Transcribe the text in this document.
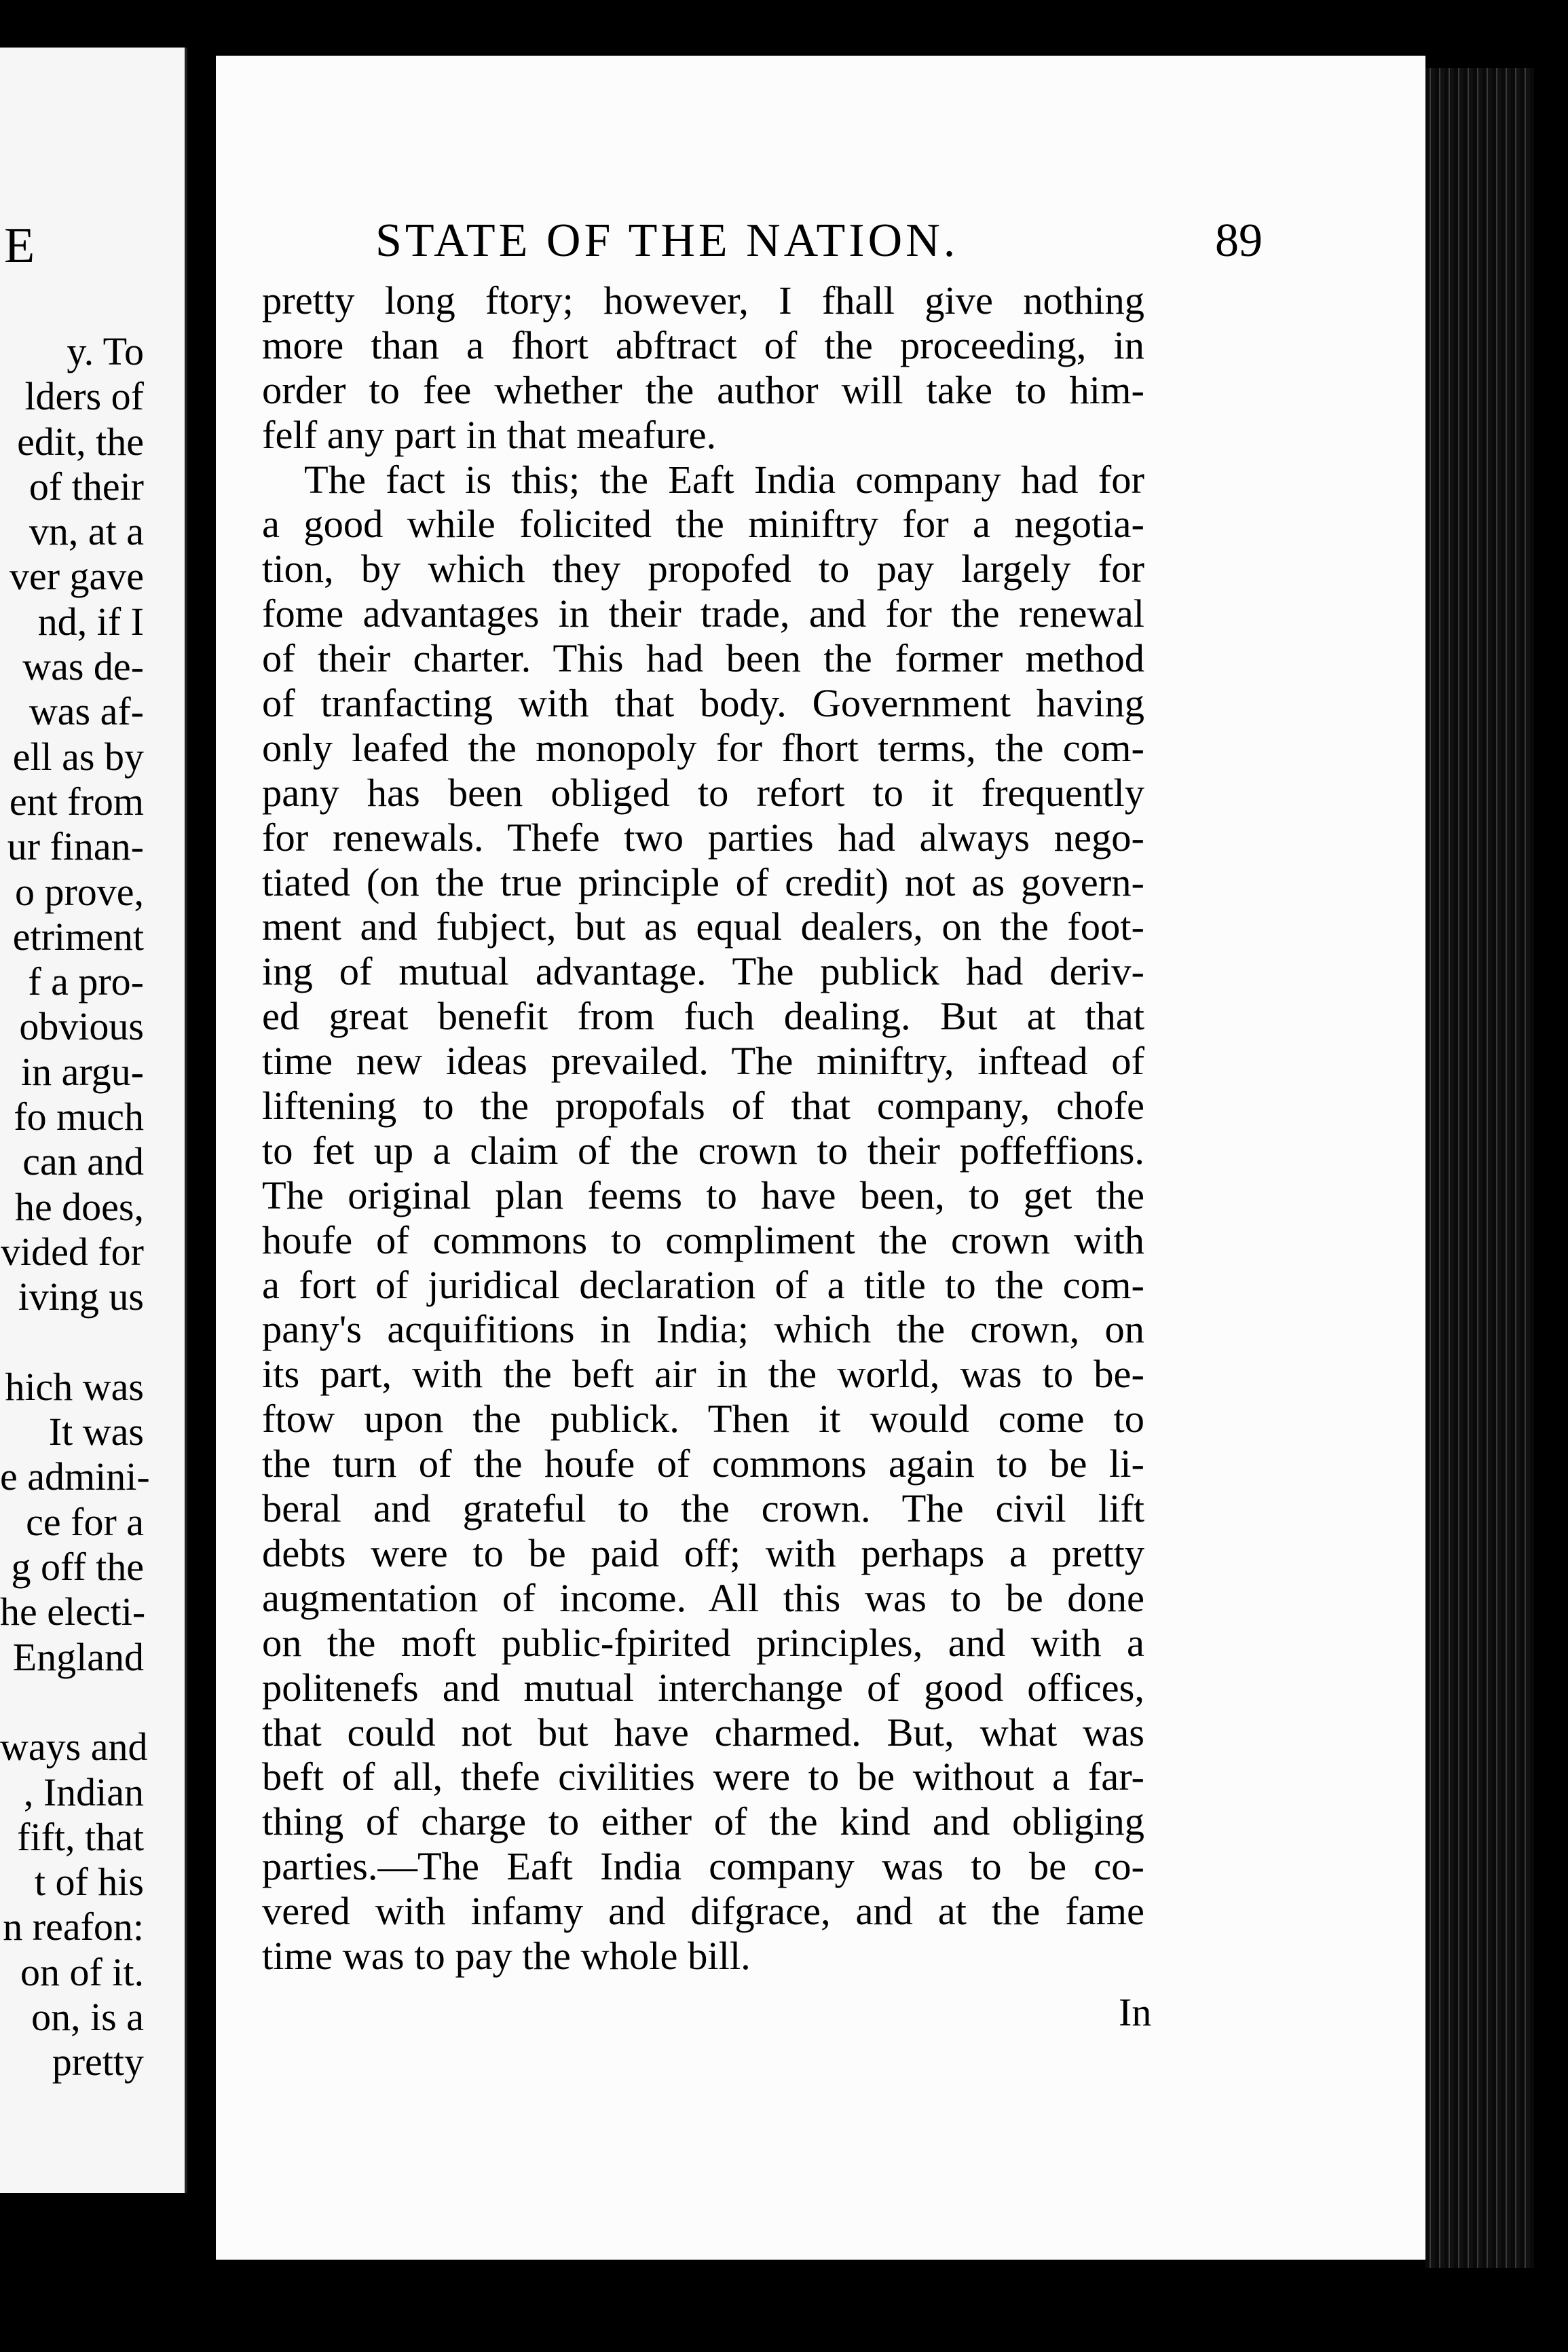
E
y. To
lders of
edit, the
of their
vn, at a
ver gave
nd, if I
was de-
was af-
ell as by
ent from
ur finan-
o prove,
etriment
f a pro-
obvious
in argu-
fo much
can and
he does,
vided for
iving us
hich was
It was
e admini-
ce for a
g off the
he electi-
England
ways and
, Indian
fift, that
t of his
n reafon:
on of it.
on, is a
pretty
STATE OF THE NATION.	89
pretty long ftory; however, I fhall give nothing
more than a fhort abftract of the proceeding, in
order to fee whether the author will take to him-
felf any part in that meafure.
The fact is this; the Eaft India company had for
a good while folicited the miniftry for a negotia-
tion, by which they propofed to pay largely for
fome advantages in their trade, and for the renewal
of their charter. This had been the former method
of tranfacting with that body. Government having
only leafed the monopoly for fhort terms, the com-
pany has been obliged to refort to it frequently
for renewals. Thefe two parties had always nego-
tiated (on the true principle of credit) not as govern-
ment and fubject, but as equal dealers, on the foot-
ing of mutual advantage. The publick had deriv-
ed great benefit from fuch dealing. But at that
time new ideas prevailed. The miniftry, inftead of
liftening to the propofals of that company, chofe
to fet up a claim of the crown to their poffeffions.
The original plan feems to have been, to get the
houfe of commons to compliment the crown with
a fort of juridical declaration of a title to the com-
pany's acquifitions in India; which the crown, on
its part, with the beft air in the world, was to be-
ftow upon the publick. Then it would come to
the turn of the houfe of commons again to be li-
beral and grateful to the crown. The civil lift
debts were to be paid off; with perhaps a pretty
augmentation of income. All this was to be done
on the moft public-fpirited principles, and with a
politenefs and mutual interchange of good offices,
that could not but have charmed. But, what was
beft of all, thefe civilities were to be without a far-
thing of charge to either of the kind and obliging
parties.—The Eaft India company was to be co-
vered with infamy and difgrace, and at the fame
time was to pay the whole bill.
In
